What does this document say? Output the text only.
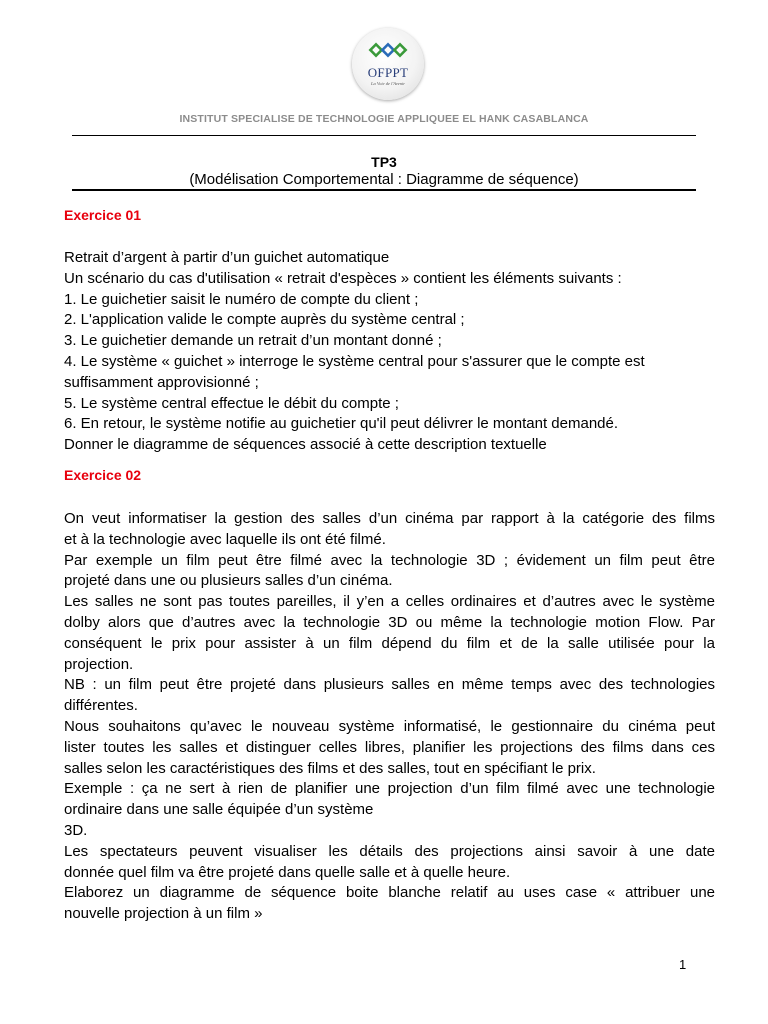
OFPPT
La Voie de l'Avenir
INSTITUT SPECIALISE DE TECHNOLOGIE APPLIQUEE EL HANK CASABLANCA
TP3
(Modélisation Comportemental : Diagramme de séquence)
Exercice 01
Retrait d’argent à partir d’un guichet automatique
Un scénario du cas d'utilisation « retrait d'espèces » contient les éléments suivants :
1. Le guichetier saisit le numéro de compte du client ;
2. L'application valide le compte auprès du système central ;
3. Le guichetier demande un retrait d’un montant donné ;
4. Le système « guichet » interroge le système central pour s'assurer que le compte est
suffisamment approvisionné ;
5. Le système central effectue le débit du compte ;
6. En retour, le système notifie au guichetier qu'il peut délivrer le montant demandé.
Donner le diagramme de séquences associé à cette description textuelle
Exercice 02
On veut informatiser la gestion des salles d’un cinéma par rapport à la catégorie des films
et à la technologie avec laquelle ils ont été filmé.
Par exemple un film peut être filmé avec la technologie 3D ; évidement un film peut être
projeté dans une ou plusieurs salles d’un cinéma.
Les salles ne sont pas toutes pareilles, il y’en a celles ordinaires et d’autres avec le système
dolby alors que d’autres avec la technologie 3D ou même la technologie motion Flow. Par
conséquent le prix pour assister à un film dépend du film et de la salle utilisée pour la
projection.
NB : un film peut être projeté dans plusieurs salles en même temps avec des technologies
différentes.
Nous souhaitons qu’avec le nouveau système informatisé, le gestionnaire du cinéma peut
lister toutes les salles et distinguer celles libres, planifier les projections des films dans ces
salles selon les caractéristiques des films et des salles, tout en spécifiant le prix.
Exemple : ça ne sert à rien de planifier une projection d’un film filmé avec une technologie
ordinaire dans une salle équipée d’un système
3D.
Les spectateurs peuvent visualiser les détails des projections ainsi savoir à une date
donnée quel film va être projeté dans quelle salle et à quelle heure.
Elaborez un diagramme de séquence boite blanche relatif au uses case « attribuer une
nouvelle projection à un film »
1
